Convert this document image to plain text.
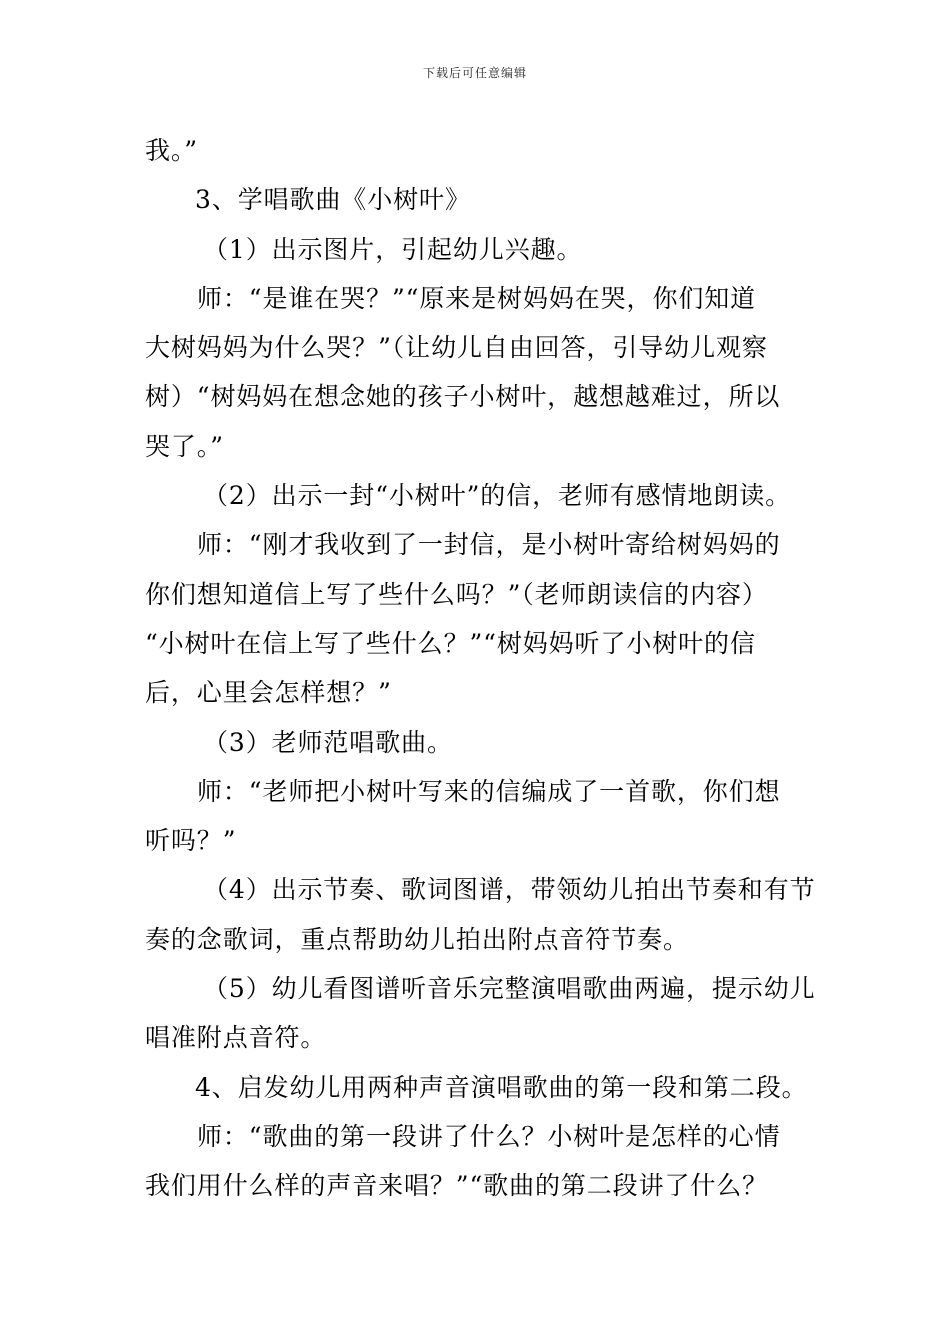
下载后可任意编辑
我。”
3、学唱歌曲《小树叶》
（1）出示图片，引起幼儿兴趣。
师：“是谁在哭？”“原来是树妈妈在哭，你们知道
大树妈妈为什么哭？”（让幼儿自由回答，引导幼儿观察
树）“树妈妈在想念她的孩子小树叶，越想越难过，所以
哭了。”
（2）出示一封“小树叶”的信，老师有感情地朗读。
师：“刚才我收到了一封信，是小树叶寄给树妈妈的
你们想知道信上写了些什么吗？”（老师朗读信的内容）
“小树叶在信上写了些什么？”“树妈妈听了小树叶的信
后，心里会怎样想？”
（3）老师范唱歌曲。
师：“老师把小树叶写来的信编成了一首歌，你们想
听吗？”
（4）出示节奏、歌词图谱，带领幼儿拍出节奏和有节
奏的念歌词，重点帮助幼儿拍出附点音符节奏。
（5）幼儿看图谱听音乐完整演唱歌曲两遍，提示幼儿
唱准附点音符。
4、启发幼儿用两种声音演唱歌曲的第一段和第二段。
师：“歌曲的第一段讲了什么？小树叶是怎样的心情
我们用什么样的声音来唱？”“歌曲的第二段讲了什么？
